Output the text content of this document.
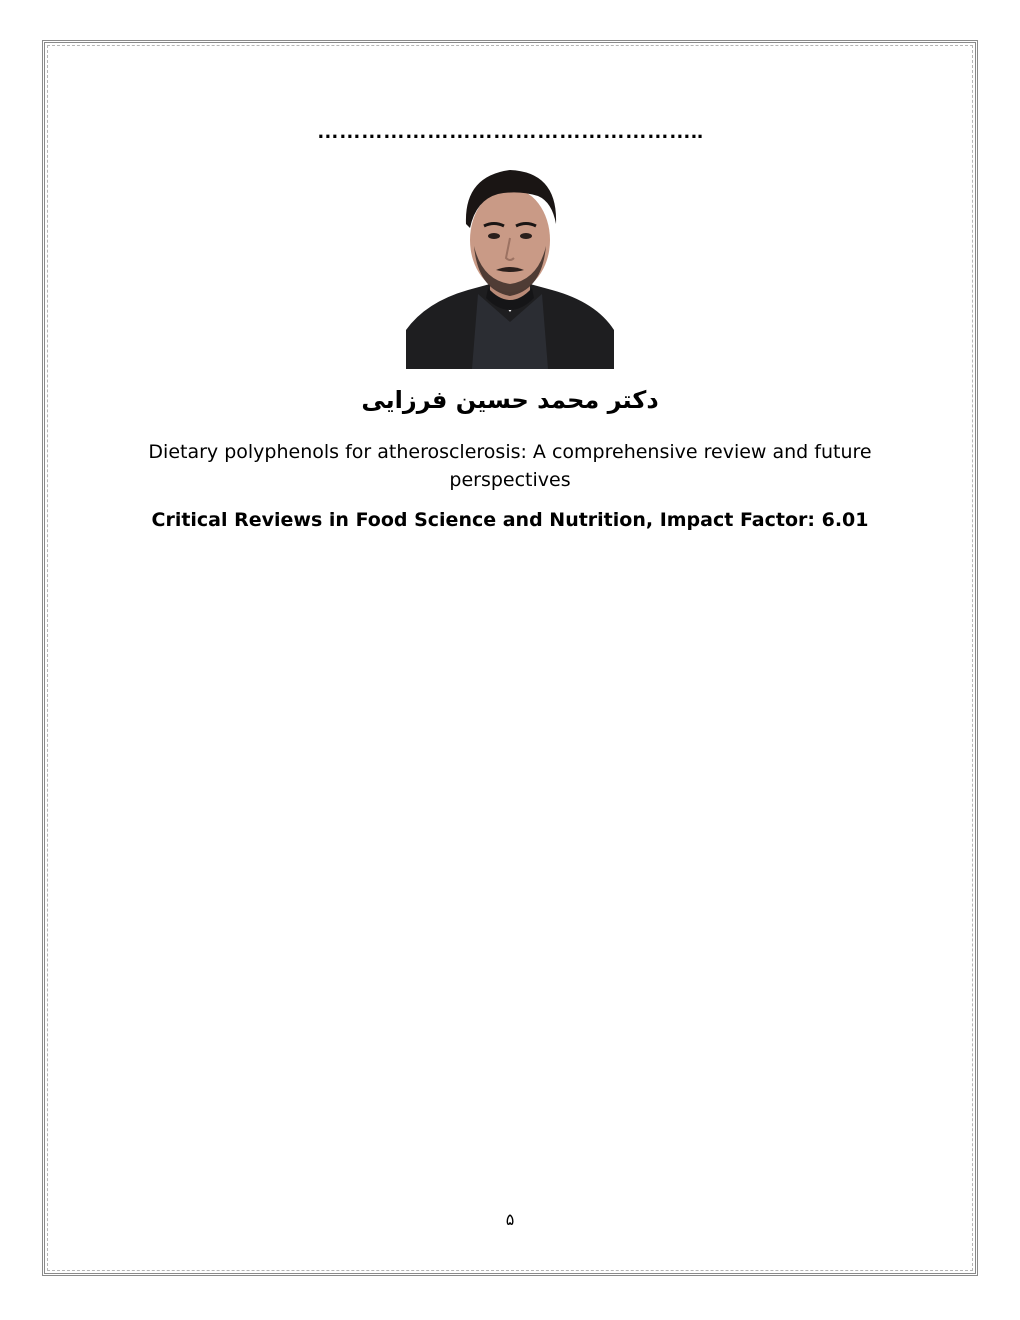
……………………………………………..
دکتر محمد حسین فرزایی
Dietary polyphenols for atherosclerosis: A comprehensive review and future perspectives
Critical Reviews in Food Science and Nutrition, Impact Factor: 6.01
۵
